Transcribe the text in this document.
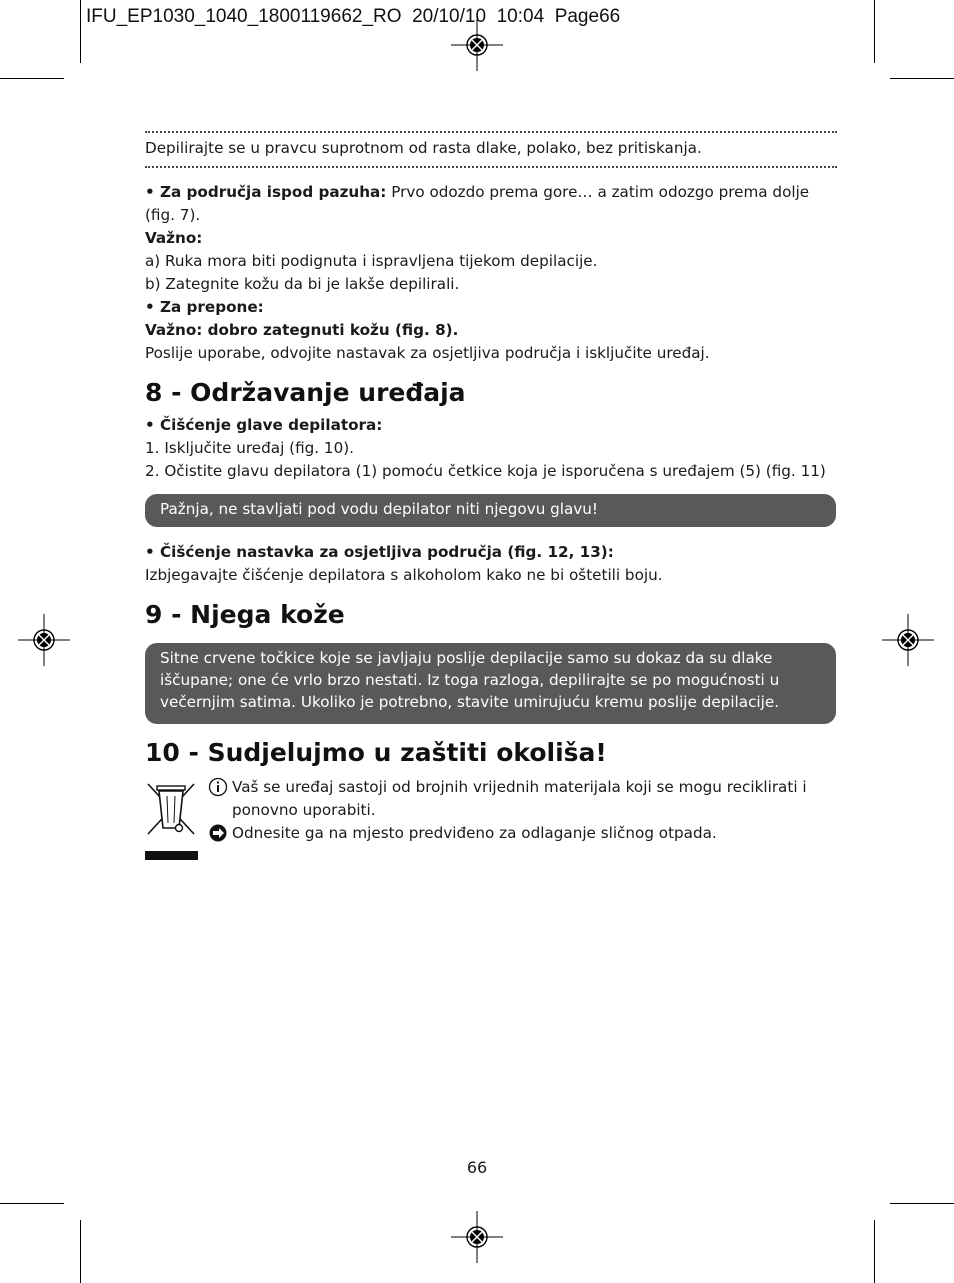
IFU_EP1030_1040_1800119662_RO  20/10/10  10:04  Page66

Depilirajte se u pravcu suprotnom od rasta dlake, polako, bez pritiskanja.

• Za područja ispod pazuha: Prvo odozdo prema gore… a zatim odozgo prema dolje (fig. 7).

Važno:

a) Ruka mora biti podignuta i ispravljena tijekom depilacije.

b) Zategnite kožu da bi je lakše depilirali.

• Za prepone:

Važno: dobro zategnuti kožu (fig. 8).

Poslije uporabe, odvojite nastavak za osjetljiva područja i isključite uređaj.

8 - Održavanje uređaja

• Čišćenje glave depilatora:

1. Isključite uređaj (fig. 10).

2. Očistite glavu depilatora (1) pomoću četkice koja je isporučena s uređajem (5) (fig. 11)

Pažnja, ne stavljati pod vodu depilator niti njegovu glavu!

• Čišćenje nastavka za osjetljiva područja (fig. 12, 13):

Izbjegavajte čišćenje depilatora s alkoholom kako ne bi oštetili boju.

9 - Njega kože
Sitne crvene točkice koje se javljaju poslije depilacije samo su dokaz da su dlake iščupane; one će vrlo brzo nestati. Iz toga razloga, depilirajte se po mogućnosti u večernjim satima. Ukoliko je potrebno, stavite umirujuću kremu poslije depilacije.
10 - Sudjelujmo u zaštiti okoliša!

Vaš se uređaj sastoji od brojnih vrijednih materijala koji se mogu reciklirati i ponovno uporabiti.

Odnesite ga na mjesto predviđeno za odlaganje sličnog otpada.

66
